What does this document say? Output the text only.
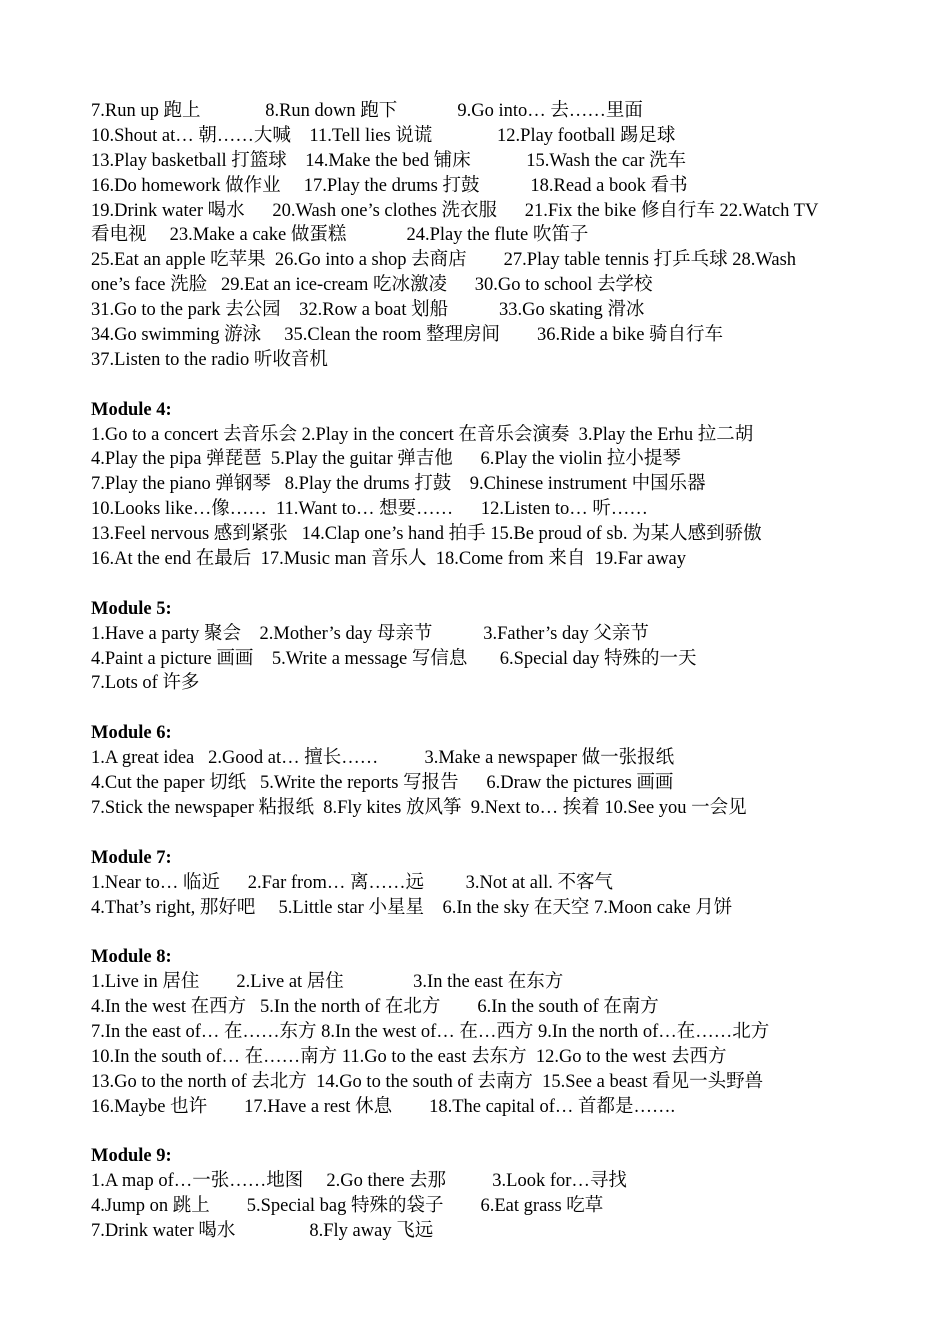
7.Run up 跑上              8.Run down 跑下             9.Go into… 去……里面
10.Shout at… 朝……大喊    11.Tell lies 说谎              12.Play football 踢足球
13.Play basketball 打篮球    14.Make the bed 铺床            15.Wash the car 洗车
16.Do homework 做作业     17.Play the drums 打鼓           18.Read a book 看书
19.Drink water 喝水      20.Wash one’s clothes 洗衣服      21.Fix the bike 修自行车 22.Watch TV
看电视     23.Make a cake 做蛋糕             24.Play the flute 吹笛子
25.Eat an apple 吃苹果  26.Go into a shop 去商店        27.Play table tennis 打乒乓球 28.Wash
one’s face 洗脸   29.Eat an ice-cream 吃冰激凌      30.Go to school 去学校
31.Go to the park 去公园    32.Row a boat 划船           33.Go skating 滑冰
34.Go swimming 游泳     35.Clean the room 整理房间        36.Ride a bike 骑自行车
37.Listen to the radio 听收音机
Module 4:
1.Go to a concert 去音乐会 2.Play in the concert 在音乐会演奏  3.Play the Erhu 拉二胡
4.Play the pipa 弹琵琶  5.Play the guitar 弹吉他      6.Play the violin 拉小提琴
7.Play the piano 弹钢琴   8.Play the drums 打鼓    9.Chinese instrument 中国乐器
10.Looks like…像……  11.Want to… 想要……      12.Listen to… 听……
13.Feel nervous 感到紧张   14.Clap one’s hand 拍手 15.Be proud of sb. 为某人感到骄傲
16.At the end 在最后  17.Music man 音乐人  18.Come from 来自  19.Far away
Module 5:
1.Have a party 聚会    2.Mother’s day 母亲节           3.Father’s day 父亲节
4.Paint a picture 画画    5.Write a message 写信息       6.Special day 特殊的一天
7.Lots of 许多
Module 6:
1.A great idea   2.Good at… 擅长……          3.Make a newspaper 做一张报纸
4.Cut the paper 切纸   5.Write the reports 写报告      6.Draw the pictures 画画
7.Stick the newspaper 粘报纸  8.Fly kites 放风筝  9.Next to… 挨着 10.See you 一会见
Module 7:
1.Near to… 临近      2.Far from… 离……远         3.Not at all. 不客气
4.That’s right, 那好吧     5.Little star 小星星    6.In the sky 在天空 7.Moon cake 月饼
Module 8:
1.Live in 居住        2.Live at 居住               3.In the east 在东方
4.In the west 在西方   5.In the north of 在北方        6.In the south of 在南方
7.In the east of… 在……东方 8.In the west of… 在…西方 9.In the north of…在……北方
10.In the south of… 在……南方 11.Go to the east 去东方  12.Go to the west 去西方
13.Go to the north of 去北方  14.Go to the south of 去南方  15.See a beast 看见一头野兽
16.Maybe 也许        17.Have a rest 休息        18.The capital of… 首都是…….
Module 9:
1.A map of…一张……地图     2.Go there 去那          3.Look for…寻找
4.Jump on 跳上        5.Special bag 特殊的袋子        6.Eat grass 吃草
7.Drink water 喝水                8.Fly away 飞远
